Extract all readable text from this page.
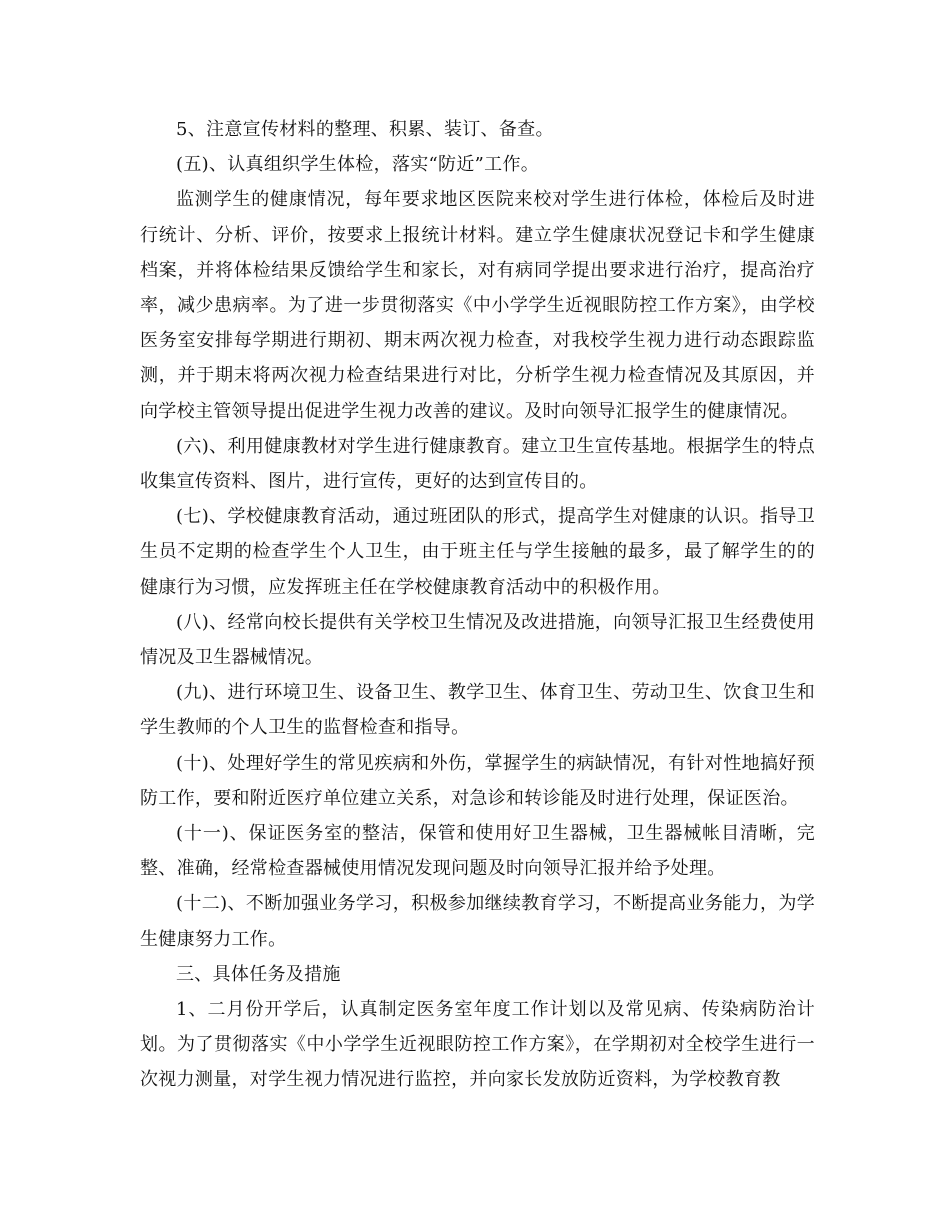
5、注意宣传材料的整理、积累、装订、备查。

(五)、认真组织学生体检，落实“防近”工作。

监测学生的健康情况，每年要求地区医院来校对学生进行体检，体检后及时进行统计、分析、评价，按要求上报统计材料。建立学生健康状况登记卡和学生健康档案，并将体检结果反馈给学生和家长，对有病同学提出要求进行治疗，提高治疗率，减少患病率。为了进一步贯彻落实《中小学学生近视眼防控工作方案》，由学校医务室安排每学期进行期初、期末两次视力检查，对我校学生视力进行动态跟踪监测，并于期末将两次视力检查结果进行对比，分析学生视力检查情况及其原因，并向学校主管领导提出促进学生视力改善的建议。及时向领导汇报学生的健康情况。

(六)、利用健康教材对学生进行健康教育。建立卫生宣传基地。根据学生的特点收集宣传资料、图片，进行宣传，更好的达到宣传目的。

(七)、学校健康教育活动，通过班团队的形式，提高学生对健康的认识。指导卫生员不定期的检查学生个人卫生，由于班主任与学生接触的最多，最了解学生的的健康行为习惯，应发挥班主任在学校健康教育活动中的积极作用。

(八)、经常向校长提供有关学校卫生情况及改进措施，向领导汇报卫生经费使用情况及卫生器械情况。

(九)、进行环境卫生、设备卫生、教学卫生、体育卫生、劳动卫生、饮食卫生和学生教师的个人卫生的监督检查和指导。

(十)、处理好学生的常见疾病和外伤，掌握学生的病缺情况，有针对性地搞好预防工作，要和附近医疗单位建立关系，对急诊和转诊能及时进行处理，保证医治。

(十一)、保证医务室的整洁，保管和使用好卫生器械，卫生器械帐目清晰，完整、准确，经常检查器械使用情况发现问题及时向领导汇报并给予处理。

(十二)、不断加强业务学习，积极参加继续教育学习，不断提高业务能力，为学生健康努力工作。

三、具体任务及措施

1、二月份开学后，认真制定医务室年度工作计划以及常见病、传染病防治计划。为了贯彻落实《中小学学生近视眼防控工作方案》，在学期初对全校学生进行一次视力测量，对学生视力情况进行监控，并向家长发放防近资料，为学校教育教
